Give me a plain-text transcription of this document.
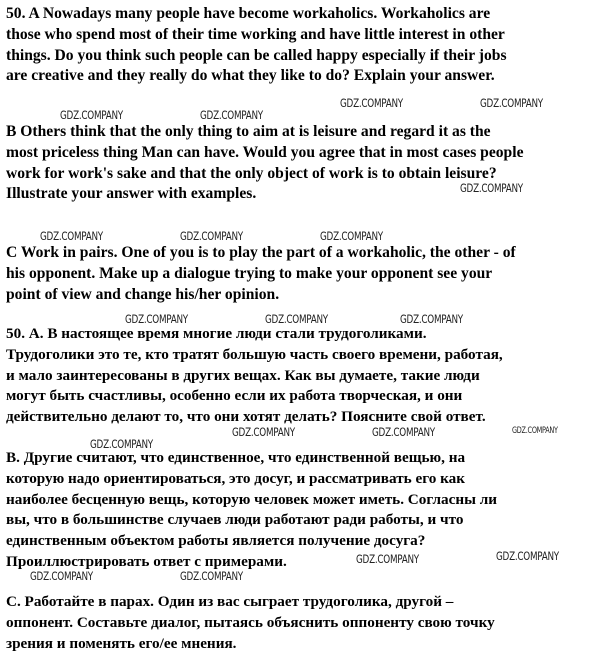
50. A Nowadays many people have become workaholics. Workaholics are
those who spend most of their time working and have little interest in other
things. Do you think such people can be called happy especially if their jobs
are creative and they really do what they like to do? Explain your answer.

B Others think that the only thing to aim at is leisure and regard it as the
most priceless thing Man can have. Would you agree that in most cases people
work for work's sake and that the only object of work is to obtain leisure?
Illustrate your answer with examples.

C Work in pairs. One of you is to play the part of a workaholic, the other - of
his opponent. Make up a dialogue trying to make your opponent see your
point of view and change his/her opinion.

50. А. В настоящее время многие люди стали трудоголиками.
Трудоголики это те, кто тратят большую часть своего времени, работая,
и мало заинтересованы в других вещах. Как вы думаете, такие люди
могут быть счастливы, особенно если их работа творческая, и они
действительно делают то, что они хотят делать? Поясните свой ответ.

В. Другие считают, что единственное, что единственной вещью, на
которую надо ориентироваться, это досуг, и рассматривать его как
наиболее бесценную вещь, которую человек может иметь. Согласны ли
вы, что в большинстве случаев люди работают ради работы, и что
единственным объектом работы является получение досуга?
Проиллюстрировать ответ с примерами.

С. Работайте в парах. Один из вас сыграет трудоголика, другой –
оппонент. Составьте диалог, пытаясь объяснить оппоненту свою точку
зрения и поменять его/ее мнения.

GDZ.COMPANY	GDZ.COMPANY
GDZ.COMPANY	GDZ.COMPANY
GDZ.COMPANY
GDZ.COMPANY	GDZ.COMPANY	GDZ.COMPANY
GDZ.COMPANY	GDZ.COMPANY	GDZ.COMPANY
GDZ.COMPANY	GDZ.COMPANY	GDZ.COMPANY
GDZ.COMPANY
GDZ.COMPANY	GDZ.COMPANY
GDZ.COMPANY	GDZ.COMPANY
